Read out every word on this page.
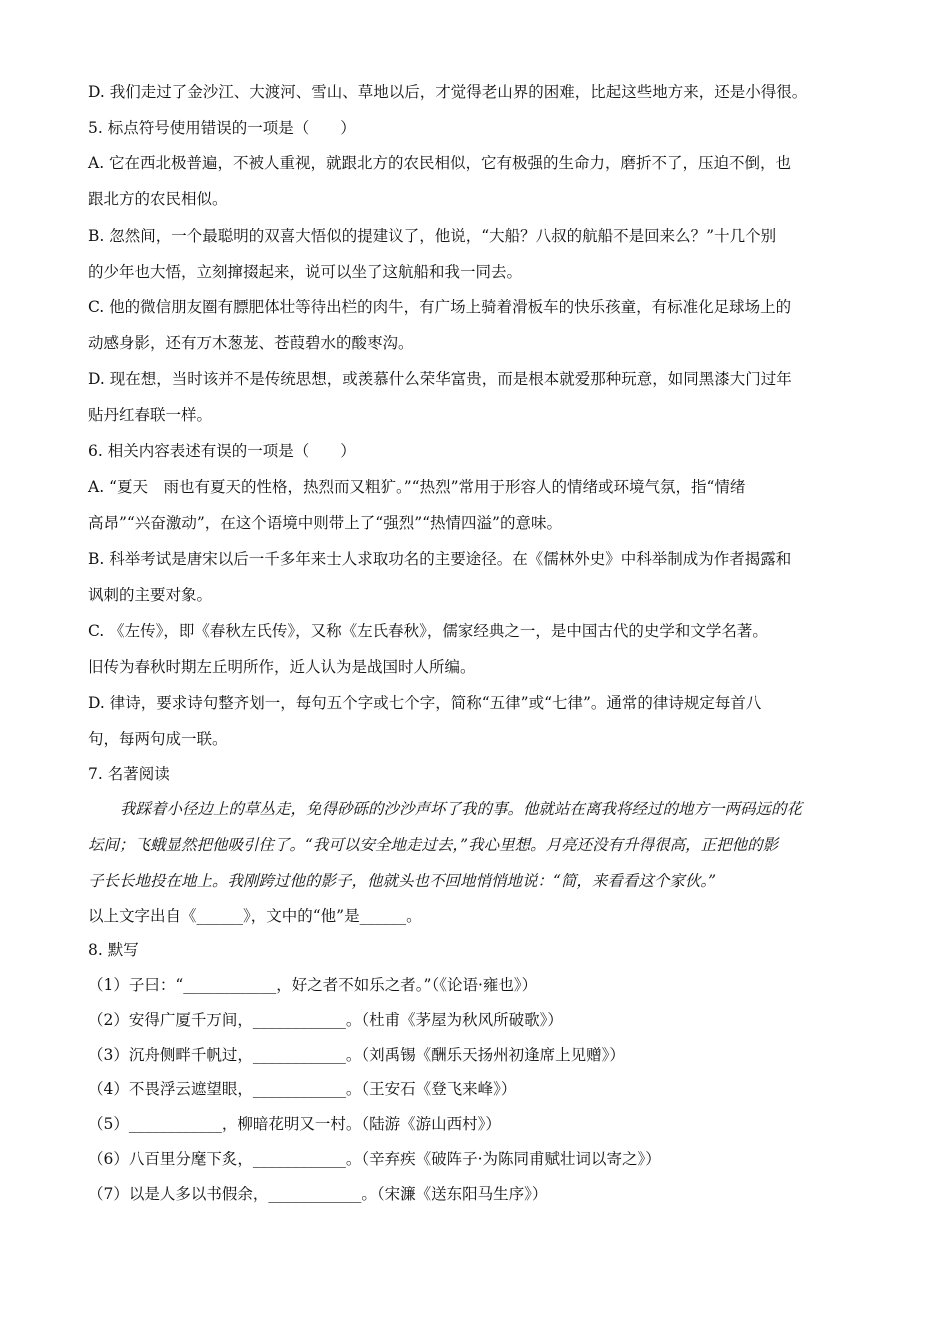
D. 我们走过了金沙江、大渡河、雪山、草地以后，才觉得老山界的困难，比起这些地方来，还是小得很。
5. 标点符号使用错误的一项是（　　）
A. 它在西北极普遍，不被人重视，就跟北方的农民相似，它有极强的生命力，磨折不了，压迫不倒，也
跟北方的农民相似。
B. 忽然间，一个最聪明的双喜大悟似的提建议了，他说，“大船？八叔的航船不是回来么？”十几个别
的少年也大悟，立刻撺掇起来，说可以坐了这航船和我一同去。
C. 他的微信朋友圈有膘肥体壮等待出栏的肉牛，有广场上骑着滑板车的快乐孩童，有标准化足球场上的
动感身影，还有万木葱茏、苍葭碧水的酸枣沟。
D. 现在想，当时该并不是传统思想，或羡慕什么荣华富贵，而是根本就爱那种玩意，如同黑漆大门过年
贴丹红春联一样。
6. 相关内容表述有误的一项是（　　）
A. “夏天　雨也有夏天的性格，热烈而又粗犷。”“热烈”常用于形容人的情绪或环境气氛，指“情绪
高昂”“兴奋激动”，在这个语境中则带上了“强烈”“热情四溢”的意味。
B. 科举考试是唐宋以后一千多年来士人求取功名的主要途径。在《儒林外史》中科举制成为作者揭露和
讽刺的主要对象。
C. 《左传》，即《春秋左氏传》，又称《左氏春秋》，儒家经典之一，是中国古代的史学和文学名著。
旧传为春秋时期左丘明所作，近人认为是战国时人所编。
D. 律诗，要求诗句整齐划一，每句五个字或七个字，简称“五律”或“七律”。通常的律诗规定每首八
句，每两句成一联。
7. 名著阅读
我踩着小径边上的草丛走，免得砂砾的沙沙声坏了我的事。他就站在离我将经过的地方一两码远的花
坛间；飞蛾显然把他吸引住了。“我可以安全地走过去，”我心里想。月亮还没有升得很高，正把他的影
子长长地投在地上。我刚跨过他的影子，他就头也不回地悄悄地说：“简，来看看这个家伙。”
以上文字出自《______》，文中的“他”是______。
8. 默写
（1）子曰：“____________，好之者不如乐之者。”（《论语·雍也》）
（2）安得广厦千万间，____________。（杜甫《茅屋为秋风所破歌》）
（3）沉舟侧畔千帆过，____________。（刘禹锡《酬乐天扬州初逢席上见赠》）
（4）不畏浮云遮望眼，____________。（王安石《登飞来峰》）
（5）____________，柳暗花明又一村。（陆游《游山西村》）
（6）八百里分麾下炙，____________。（辛弃疾《破阵子·为陈同甫赋壮词以寄之》）
（7）以是人多以书假余，____________。（宋濂《送东阳马生序》）
